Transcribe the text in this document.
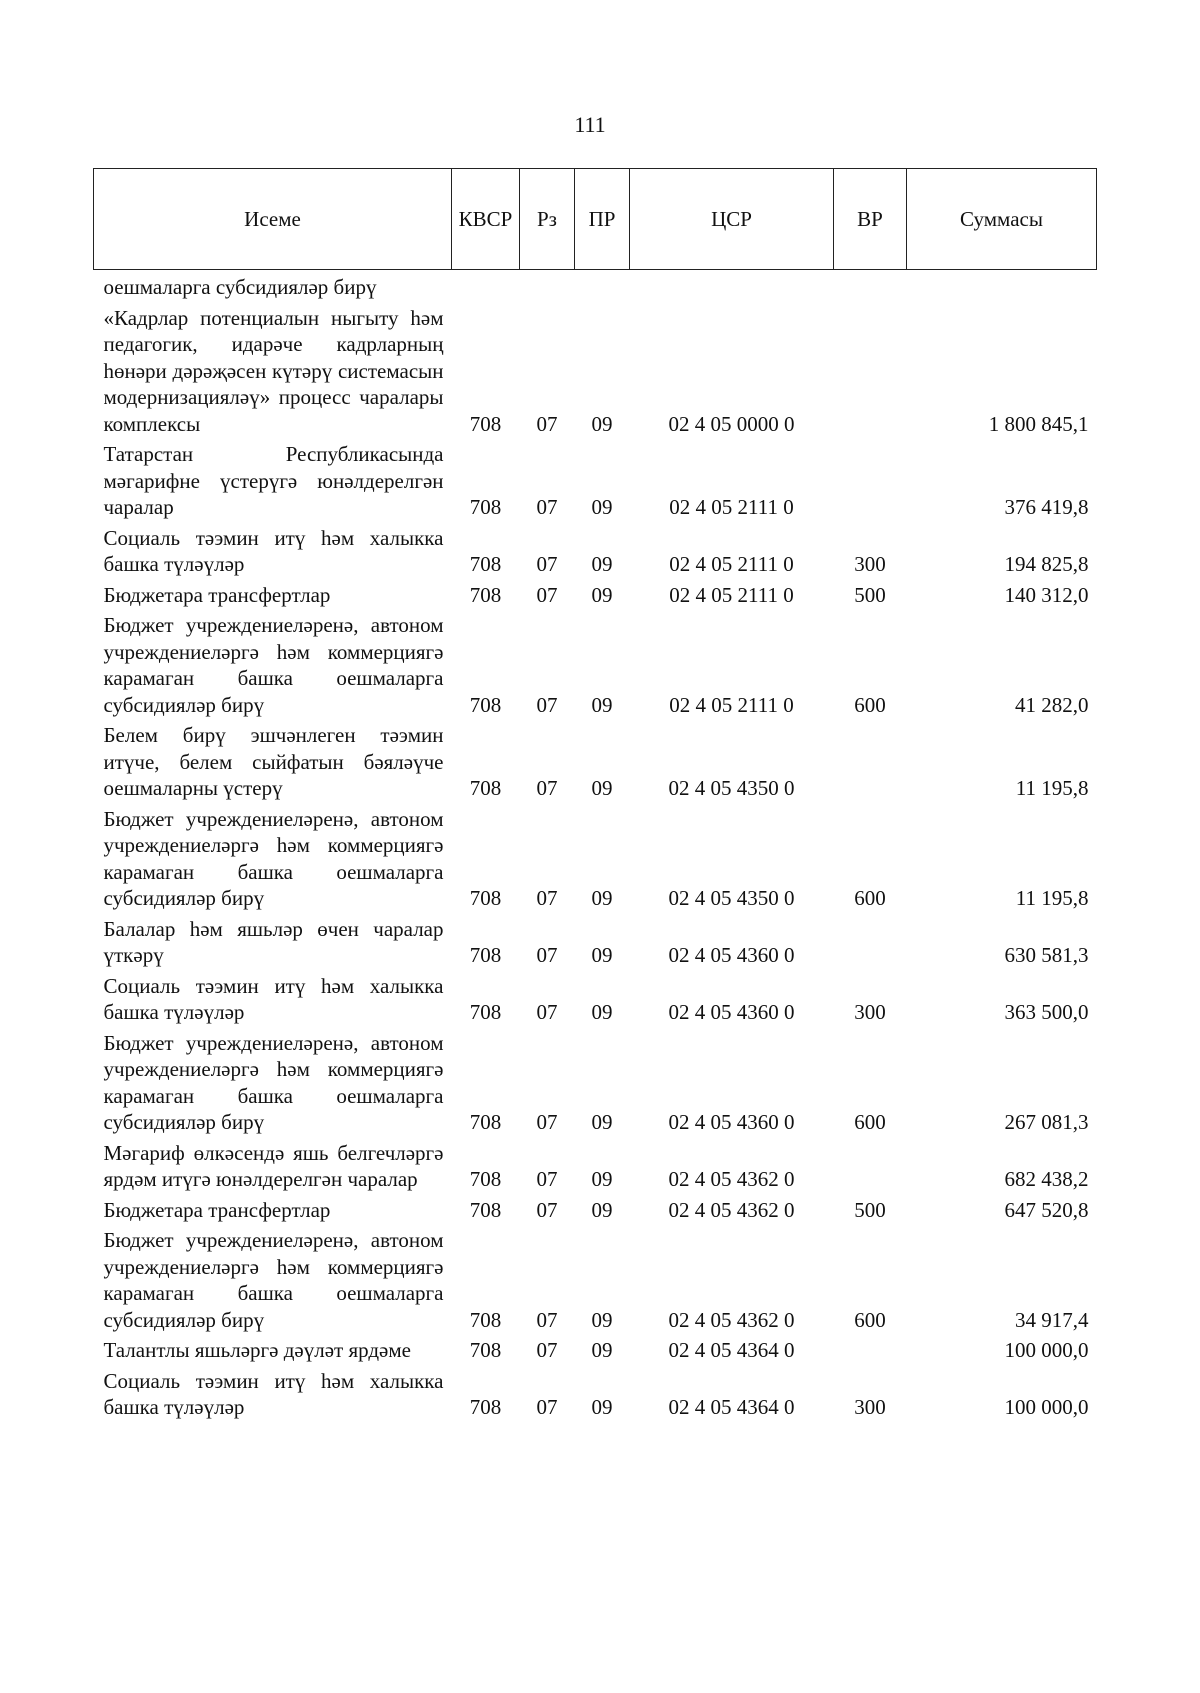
111
Исеме	КВСР	Рз	ПР	ЦСР	ВР	Суммасы
оешмаларга субсидияләр бирү						
«Кадрлар потенциалын ныгыту һәм педагогик, идарәче кадрларның һөнәри дәрәҗәсен күтәрү системасын модернизацияләү» процесс чаралары комплексы	708	07	09	02 4 05 0000 0		1 800 845,1
Татарстан Республикасында мәгарифне үстерүгә юнәлдерелгән чаралар	708	07	09	02 4 05 2111 0		376 419,8
Социаль тәэмин итү һәм халыкка башка түләүләр	708	07	09	02 4 05 2111 0	300	194 825,8
Бюджетара трансфертлар	708	07	09	02 4 05 2111 0	500	140 312,0
Бюджет учреждениеләренә, автоном учреждениеләргә һәм коммерциягә карамаган башка оешмаларга субсидияләр бирү	708	07	09	02 4 05 2111 0	600	41 282,0
Белем бирү эшчәнлеген тәэмин итүче, белем сыйфатын бәяләүче оешмаларны үстерү	708	07	09	02 4 05 4350 0		11 195,8
Бюджет учреждениеләренә, автоном учреждениеләргә һәм коммерциягә карамаган башка оешмаларга субсидияләр бирү	708	07	09	02 4 05 4350 0	600	11 195,8
Балалар һәм яшьләр өчен чаралар үткәрү	708	07	09	02 4 05 4360 0		630 581,3
Социаль тәэмин итү һәм халыкка башка түләүләр	708	07	09	02 4 05 4360 0	300	363 500,0
Бюджет учреждениеләренә, автоном учреждениеләргә һәм коммерциягә карамаган башка оешмаларга субсидияләр бирү	708	07	09	02 4 05 4360 0	600	267 081,3
Мәгариф өлкәсендә яшь белгечләргә ярдәм итүгә юнәлдерелгән чаралар	708	07	09	02 4 05 4362 0		682 438,2
Бюджетара трансфертлар	708	07	09	02 4 05 4362 0	500	647 520,8
Бюджет учреждениеләренә, автоном учреждениеләргә һәм коммерциягә карамаган башка оешмаларга субсидияләр бирү	708	07	09	02 4 05 4362 0	600	34 917,4
Талантлы яшьләргә дәүләт ярдәме	708	07	09	02 4 05 4364 0		100 000,0
Социаль тәэмин итү һәм халыкка башка түләүләр	708	07	09	02 4 05 4364 0	300	100 000,0
